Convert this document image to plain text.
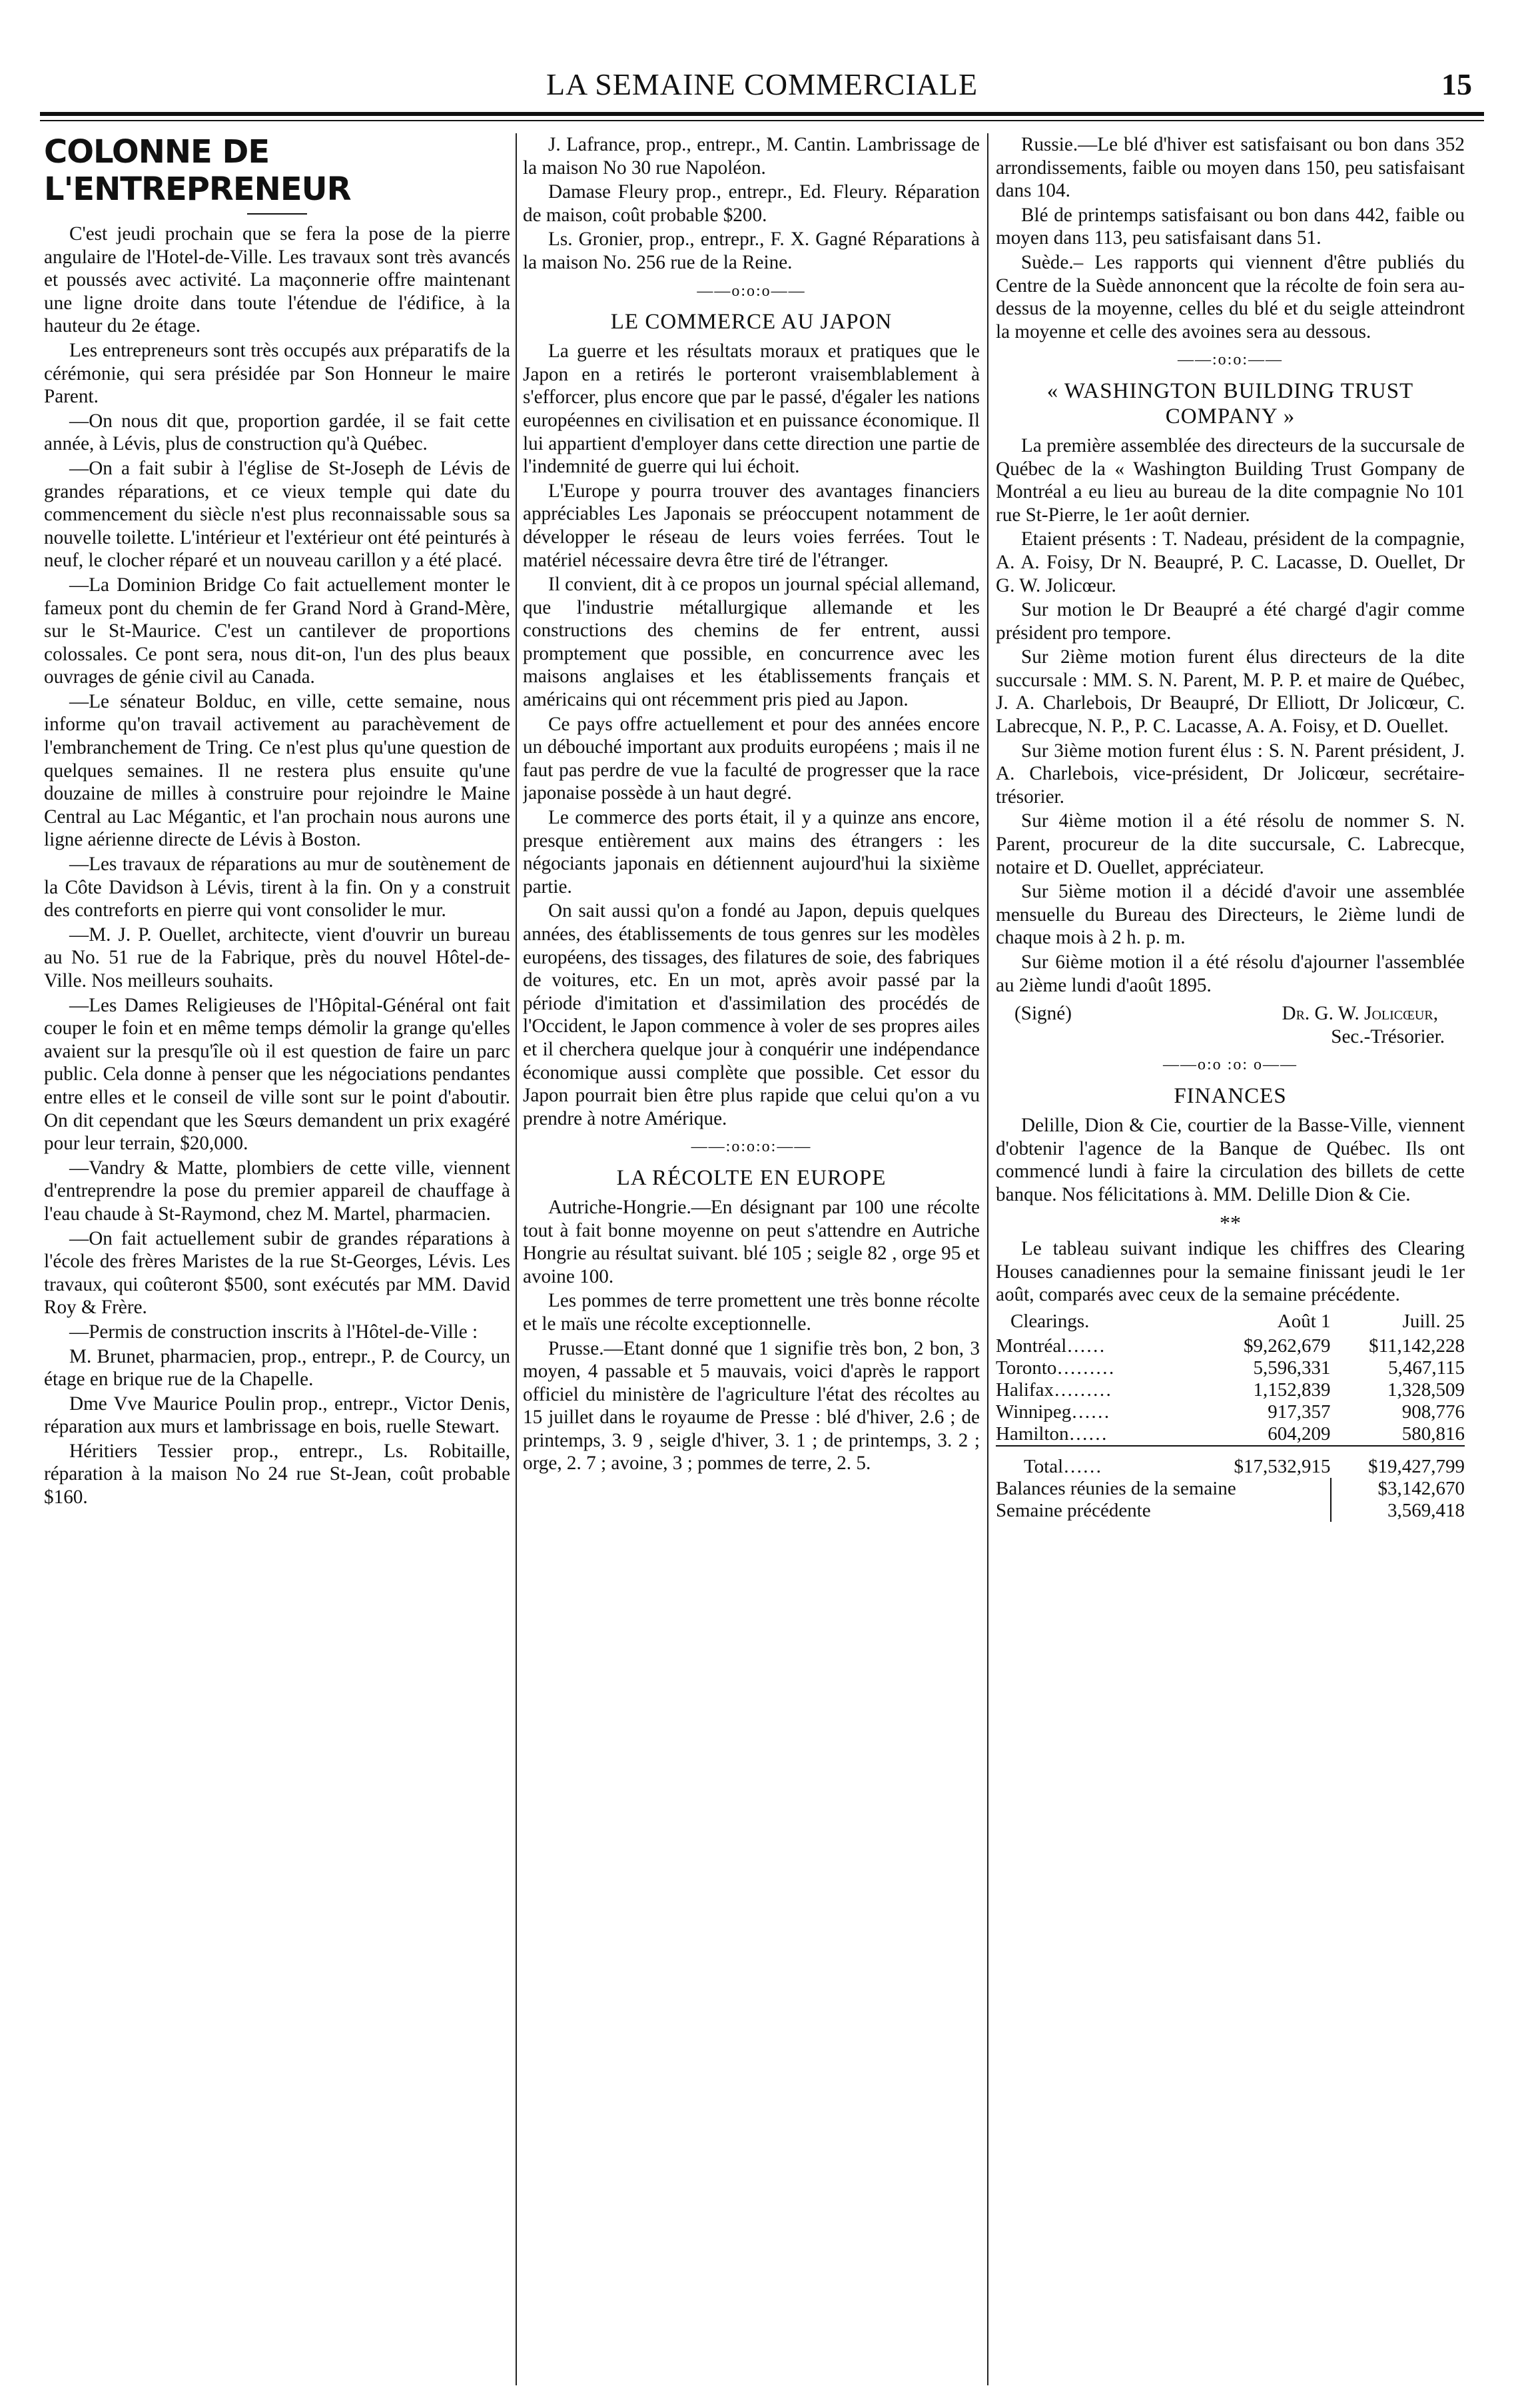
LA SEMAINE COMMERCIALE	15
COLONNE DE L'ENTREPRENEUR

C'est jeudi prochain que se fera la pose de la pierre angulaire de l'Hotel-de-Ville. Les travaux sont très avancés et poussés avec activité. La maçonnerie offre maintenant une ligne droite dans toute l'étendue de l'édifice, à la hauteur du 2e étage.

Les entrepreneurs sont très occupés aux préparatifs de la cérémonie, qui sera présidée par Son Honneur le maire Parent.

—On nous dit que, proportion gardée, il se fait cette année, à Lévis, plus de construction qu'à Québec.

—On a fait subir à l'église de St-Joseph de Lévis de grandes réparations, et ce vieux temple qui date du commencement du siècle n'est plus reconnaissable sous sa nouvelle toilette. L'intérieur et l'extérieur ont été peinturés à neuf, le clocher réparé et un nouveau carillon y a été placé.

—La Dominion Bridge Co fait actuellement monter le fameux pont du chemin de fer Grand Nord à Grand-Mère, sur le St-Maurice. C'est un cantilever de proportions colossales. Ce pont sera, nous dit-on, l'un des plus beaux ouvrages de génie civil au Canada.

—Le sénateur Bolduc, en ville, cette semaine, nous informe qu'on travail activement au parachèvement de l'embranchement de Tring. Ce n'est plus qu'une question de quelques semaines. Il ne restera plus ensuite qu'une douzaine de milles à construire pour rejoindre le Maine Central au Lac Mégantic, et l'an prochain nous aurons une ligne aérienne directe de Lévis à Boston.

—Les travaux de réparations au mur de soutènement de la Côte Davidson à Lévis, tirent à la fin. On y a construit des contreforts en pierre qui vont consolider le mur.

—M. J. P. Ouellet, architecte, vient d'ouvrir un bureau au No. 51 rue de la Fabrique, près du nouvel Hôtel-de-Ville. Nos meilleurs souhaits.

—Les Dames Religieuses de l'Hôpital-Général ont fait couper le foin et en même temps démolir la grange qu'elles avaient sur la presqu'île où il est question de faire un parc public. Cela donne à penser que les négociations pendantes entre elles et le conseil de ville sont sur le point d'aboutir. On dit cependant que les Sœurs demandent un prix exagéré pour leur terrain, $20,000.

—Vandry & Matte, plombiers de cette ville, viennent d'entreprendre la pose du premier appareil de chauffage à l'eau chaude à St-Raymond, chez M. Martel, pharmacien.

—On fait actuellement subir de grandes réparations à l'école des frères Maristes de la rue St-Georges, Lévis. Les travaux, qui coûteront $500, sont exécutés par MM. David Roy & Frère.

—Permis de construction inscrits à l'Hôtel-de-Ville :

M. Brunet, pharmacien, prop., entrepr., P. de Courcy, un étage en brique rue de la Chapelle.

Dme Vve Maurice Poulin prop., entrepr., Victor Denis, réparation aux murs et lambrissage en bois, ruelle Stewart.

Héritiers Tessier prop., entrepr., Ls. Robitaille, réparation à la maison No 24 rue St-Jean, coût probable $160.

J. Lafrance, prop., entrepr., M. Cantin. Lambrissage de la maison No 30 rue Napoléon.

Damase Fleury prop., entrepr., Ed. Fleury. Réparation de maison, coût probable $200.

Ls. Gronier, prop., entrepr., F. X. Gagné Réparations à la maison No. 256 rue de la Reine.

——o:o:o——
LE COMMERCE AU JAPON

La guerre et les résultats moraux et pratiques que le Japon en a retirés le porteront vraisemblablement à s'efforcer, plus encore que par le passé, d'égaler les nations européennes en civilisation et en puissance économique. Il lui appartient d'employer dans cette direction une partie de l'indemnité de guerre qui lui échoit.

L'Europe y pourra trouver des avantages financiers appréciables Les Japonais se préoccupent notamment de développer le réseau de leurs voies ferrées. Tout le matériel nécessaire devra être tiré de l'étranger.

Il convient, dit à ce propos un journal spécial allemand, que l'industrie métallurgique allemande et les constructions des chemins de fer entrent, aussi promptement que possible, en concurrence avec les maisons anglaises et les établissements français et américains qui ont récemment pris pied au Japon.

Ce pays offre actuellement et pour des années encore un débouché important aux produits européens ; mais il ne faut pas perdre de vue la faculté de progresser que la race japonaise possède à un haut degré.

Le commerce des ports était, il y a quinze ans encore, presque entièrement aux mains des étrangers : les négociants japonais en détiennent aujourd'hui la sixième partie.

On sait aussi qu'on a fondé au Japon, depuis quelques années, des établissements de tous genres sur les modèles européens, des tissages, des filatures de soie, des fabriques de voitures, etc. En un mot, après avoir passé par la période d'imitation et d'assimilation des procédés de l'Occident, le Japon commence à voler de ses propres ailes et il cherchera quelque jour à conquérir une indépendance économique aussi complète que possible. Cet essor du Japon pourrait bien être plus rapide que celui qu'on a vu prendre à notre Amérique.

——:o:o:o:——
LA RÉCOLTE EN EUROPE

Autriche-Hongrie.—En désignant par 100 une récolte tout à fait bonne moyenne on peut s'attendre en Autriche Hongrie au résultat suivant. blé 105 ; seigle 82 , orge 95 et avoine 100.

Les pommes de terre promettent une très bonne récolte et le maïs une récolte exceptionnelle.

Prusse.—Etant donné que 1 signifie très bon, 2 bon, 3 moyen, 4 passable et 5 mauvais, voici d'après le rapport officiel du ministère de l'agriculture l'état des récoltes au 15 juillet dans le royaume de Presse : blé d'hiver, 2.6 ; de printemps, 3. 9 , seigle d'hiver, 3. 1 ; de printemps, 3. 2 ; orge, 2. 7 ; avoine, 3 ; pommes de terre, 2. 5.

Russie.—Le blé d'hiver est satisfaisant ou bon dans 352 arrondissements, faible ou moyen dans 150, peu satisfaisant dans 104.

Blé de printemps satisfaisant ou bon dans 442, faible ou moyen dans 113, peu satisfaisant dans 51.

Suède.– Les rapports qui viennent d'être publiés du Centre de la Suède annoncent que la récolte de foin sera au-dessus de la moyenne, celles du blé et du seigle atteindront la moyenne et celle des avoines sera au dessous.

——:o:o:——
« WASHINGTON BUILDING TRUST COMPANY »

La première assemblée des directeurs de la succursale de Québec de la « Washington Building Trust Gompany de Montréal a eu lieu au bureau de la dite compagnie No 101 rue St-Pierre, le 1er août dernier.

Etaient présents : T. Nadeau, président de la compagnie, A. A. Foisy, Dr N. Beaupré, P. C. Lacasse, D. Ouellet, Dr G. W. Jolicœur.

Sur motion le Dr Beaupré a été chargé d'agir comme président pro tempore.

Sur 2ième motion furent élus directeurs de la dite succursale : MM. S. N. Parent, M. P. P. et maire de Québec, J. A. Charlebois, Dr Beaupré, Dr Elliott, Dr Jolicœur, C. Labrecque, N. P., P. C. Lacasse, A. A. Foisy, et D. Ouellet.

Sur 3ième motion furent élus : S. N. Parent président, J. A. Charlebois, vice-président, Dr Jolicœur, secrétaire-trésorier.

Sur 4ième motion il a été résolu de nommer S. N. Parent, procureur de la dite succursale, C. Labrecque, notaire et D. Ouellet, appréciateur.

Sur 5ième motion il a décidé d'avoir une assemblée mensuelle du Bureau des Directeurs, le 2ième lundi de chaque mois à 2 h. p. m.

Sur 6ième motion il a été résolu d'ajourner l'assemblée au 2ième lundi d'août 1895.

(Signé)	Dr. G. W. Jolicœur,
Sec.-Trésorier.
——o:o :o: o——
FINANCES

Delille, Dion & Cie, courtier de la Basse-Ville, viennent d'obtenir l'agence de la Banque de Québec. Ils ont commencé lundi à faire la circulation des billets de cette banque. Nos félicitations à. MM. Delille Dion & Cie.

**

Le tableau suivant indique les chiffres des Clearing Houses canadiennes pour la semaine finissant jeudi le 1er août, comparés avec ceux de la semaine précédente.

Clearings.	Août 1	Juill. 25
Montréal……	$9,262,679	$11,142,228
Toronto………	5,596,331	5,467,115
Halifax………	1,152,839	1,328,509
Winnipeg……	917,357	908,776
Hamilton……	604,209	580,816
Total……	$17,532,915	$19,427,799
Balances réunies de la semaine		$3,142,670
Semaine précédente		3,569,418
